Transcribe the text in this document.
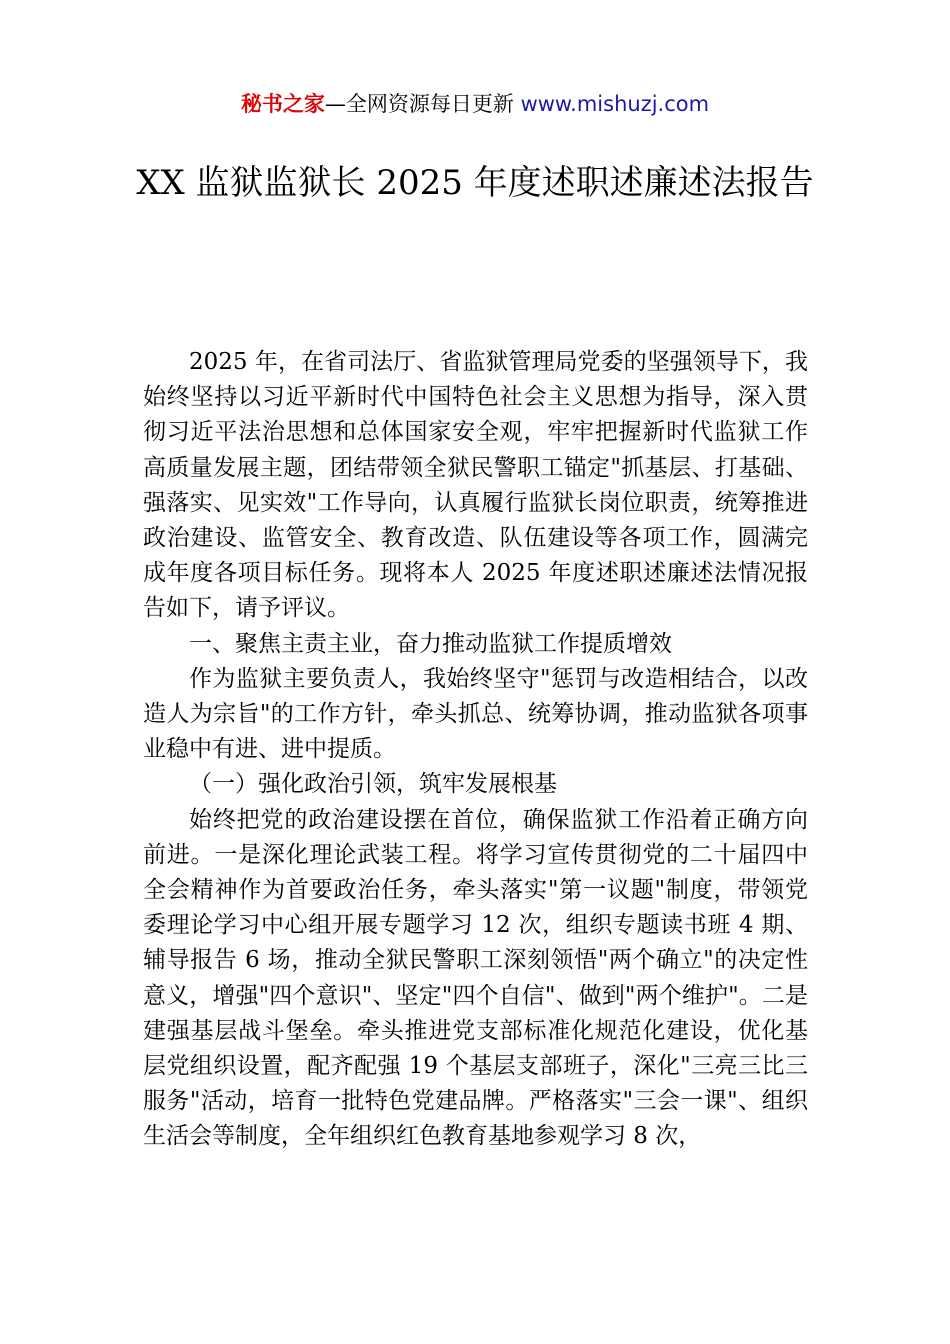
秘书之家—全网资源每日更新 www.mishuzj.com
XX 监狱监狱长 2025 年度述职述廉述法报告

2025 年，在省司法厅、省监狱管理局党委的坚强领导下，我始终坚持以习近平新时代中国特色社会主义思想为指导，深入贯彻习近平法治思想和总体国家安全观，牢牢把握新时代监狱工作高质量发展主题，团结带领全狱民警职工锚定"抓基层、打基础、强落实、见实效"工作导向，认真履行监狱长岗位职责，统筹推进政治建设、监管安全、教育改造、队伍建设等各项工作，圆满完成年度各项目标任务。现将本人 2025 年度述职述廉述法情况报告如下，请予评议。

一、聚焦主责主业，奋力推动监狱工作提质增效

作为监狱主要负责人，我始终坚守"惩罚与改造相结合，以改造人为宗旨"的工作方针，牵头抓总、统筹协调，推动监狱各项事业稳中有进、进中提质。

（一）强化政治引领，筑牢发展根基

始终把党的政治建设摆在首位，确保监狱工作沿着正确方向前进。一是深化理论武装工程。将学习宣传贯彻党的二十届四中全会精神作为首要政治任务，牵头落实"第一议题"制度，带领党委理论学习中心组开展专题学习 12 次，组织专题读书班 4 期、辅导报告 6 场，推动全狱民警职工深刻领悟"两个确立"的决定性意义，增强"四个意识"、坚定"四个自信"、做到"两个维护"。二是建强基层战斗堡垒。牵头推进党支部标准化规范化建设，优化基层党组织设置，配齐配强 19 个基层支部班子，深化"三亮三比三服务"活动，培育一批特色党建品牌。严格落实"三会一课"、组织生活会等制度，全年组织红色教育基地参观学习 8 次，
